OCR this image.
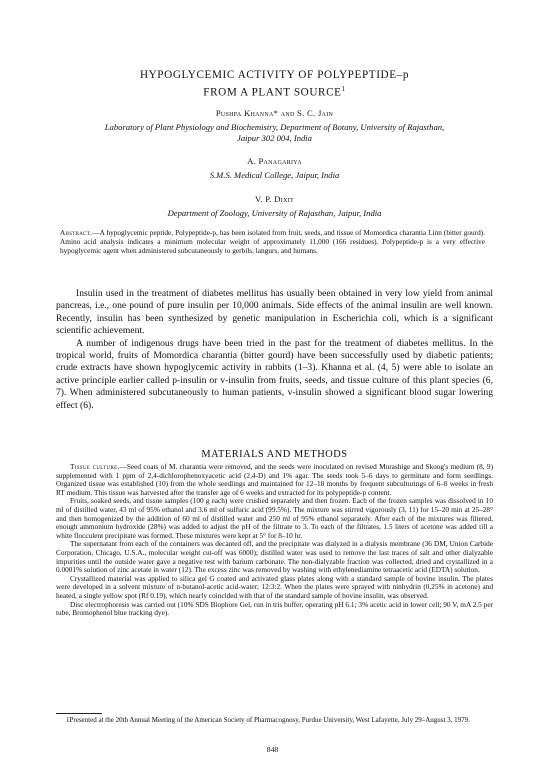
HYPOGLYCEMIC ACTIVITY OF POLYPEPTIDE–p
FROM A PLANT SOURCE$^1$
Pushpa Khanna* and S. C. Jain
Laboratory of Plant Physiology and Biochemistry, Department of Botany, University of Rajasthan, Jaipur 302 004, India
A. Panagariya
S.M.S. Medical College, Jaipur, India
V. P. Dixit
Department of Zoology, University of Rajasthan, Jaipur, India
Abstract.—A hypoglycemic peptide, Polypeptide-p, has been isolated from fruit, seeds, and tissue of Momordica charantia Linn (bitter gourd). Amino acid analysis indicates a minimum molecular weight of approximately 11,000 (166 residues). Polypeptide-p is a very effective hypoglycemic agent when administered subcutaneously to gerbils, langurs, and humans.

Insulin used in the treatment of diabetes mellitus has usually been obtained in very low yield from animal pancreas, i.e., one pound of pure insulin per 10,000 animals. Side effects of the animal insulin are well known. Recently, insulin has been synthesized by genetic manipulation in Escherichia coli, which is a significant scientific achievement.

A number of indigenous drugs have been tried in the past for the treatment of diabetes mellitus. In the tropical world, fruits of Momordica charantia (bitter gourd) have been successfully used by diabetic patients; crude extracts have shown hypoglycemic activity in rabbits (1–3). Khanna et al. (4, 5) were able to isolate an active principle earlier called p-insulin or v-insulin from fruits, seeds, and tissue culture of this plant species (6, 7). When administered subcutaneously to human patients, v-insulin showed a significant blood sugar lowering effect (6).

MATERIALS AND METHODS

Tissue culture.—Seed coats of M. charantia were removed, and the seeds were inoculated on revised Murashige and Skoog's medium (8, 9) supplemented with 1 ppm of 2,4-dichlorophenoxyacetic acid (2,4-D) and 1% agar. The seeds took 5–6 days to germinate and form seedlings. Organized tissue was established (10) from the whole seedlings and maintained for 12–18 months by frequent subculturings of 6–8 weeks in fresh RT medium. This tissue was harvested after the transfer age of 6 weeks and extracted for its polypeptide-p content.

Fruits, soaked seeds, and tissue samples (100 g each) were crushed separately and then frozen. Each of the frozen samples was dissolved in 10 ml of distilled water, 43 ml of 95% ethanol and 3.6 ml of sulfuric acid (99.5%). The mixture was stirred vigorously (3, 11) for 15–20 min at 25–28° and then homogenized by the addition of 60 ml of distilled water and 250 ml of 95% ethanol separately. After each of the mixtures was filtered, enough ammonium hydroxide (28%) was added to adjust the pH of the filtrate to 3. To each of the filtrates, 1.5 liters of acetone was added till a white flocculent precipitate was formed. These mixtures were kept at 5° for 8–10 hr.

The supernatant from each of the containers was decanted off, and the precipitate was dialyzed in a dialysis membrane (36 DM, Union Carbide Corporation, Chicago, U.S.A., molecular weight cut-off was 6000); distilled water was used to remove the last traces of salt and other dialyzable impurities until the outside water gave a negative test with barium carbonate. The non-dialyzable fraction was collected, dried and crystallized in a 0.0001% solution of zinc acetate in water (12). The excess zinc was removed by washing with ethylenediamine tetraacetic acid (EDTA) solution.

Crystallized material was applied to silica gel G coated and activated glass plates along with a standard sample of bovine insulin. The plates were developed in a solvent mixture of n-butanol-acetic acid-water; 12:3:2. When the plates were sprayed with ninhydrin (0.25% in acetone) and heated, a single yellow spot (Rf 0.19), which nearly coincided with that of the standard sample of bovine insulin, was observed.

Disc electrophoresis was carried out (10% SDS Biophore Gel, run in tris buffer, operating pH 6.1; 3% acetic acid in lower cell; 90 V, mA 2.5 per tube, Bromophenol blue tracking dye).

1Presented at the 20th Annual Meeting of the American Society of Pharmacognosy, Purdue University, West Lafayette, July 29–August 3, 1979.

848
